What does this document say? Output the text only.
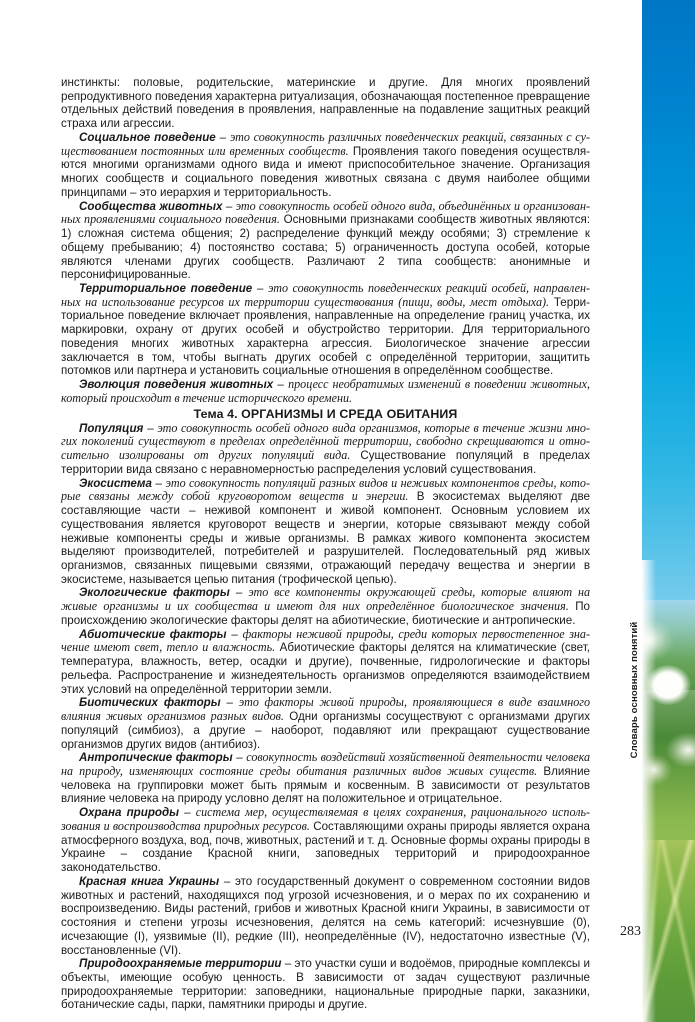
Словарь основных понятий
283

инстинкты: половые, родительские, материнские и другие. Для многих проявлений репродуктивного поведения характерна ритуализация, обозначающая постепенное превращение отдельных действий поведения в проявления, направленные на подавление защитных реакций страха или агрессии.

Социальное поведение – это совокупность различных поведенческих реакций, связанных с существованием постоянных или временных сообществ. Проявления такого поведения осуществляются многими организмами одного вида и имеют приспособительное значение. Организация многих сообществ и социального поведения животных связана с двумя наиболее общими принципами – это иерархия и территориальность.

Сообщества животных – это совокупность особей одного вида, объединённых и организованных проявлениями социального поведения. Основными признаками сообществ животных являются: 1) сложная система общения; 2) распределение функций между особями; 3) стремление к общему пребыванию; 4) постоянство состава; 5) ограниченность доступа особей, которые являются членами других сообществ. Различают 2 типа сообществ: анонимные и персонифицированные.

Территориальное поведение – это совокупность поведенческих реакций особей, направленных на использование ресурсов их территории существования (пищи, воды, мест отдыха). Территориальное поведение включает проявления, направленные на определение границ участка, их маркировки, охрану от других особей и обустройство территории. Для территориального поведения многих животных характерна агрессия. Биологическое значение агрессии заключается в том, чтобы выгнать других особей с определённой территории, защитить потомков или партнера и установить социальные отношения в определённом сообществе.

Эволюция поведения животных – процесс необратимых изменений в поведении животных, который происходит в течение исторического времени.

Тема 4. ОРГАНИЗМЫ И СРЕДА ОБИТАНИЯ

Популяция – это совокупность особей одного вида организмов, которые в течение жизни многих поколений существуют в пределах определённой территории, свободно скрещиваются и относительно изолированы от других популяций вида. Существование популяций в пределах территории вида связано с неравномерностью распределения условий существования.

Экосистема – это совокупность популяций разных видов и неживых компонентов среды, которые связаны между собой круговоротом веществ и энергии. В экосистемах выделяют две составляющие части – неживой компонент и живой компонент. Основным условием их существования является круговорот веществ и энергии, которые связывают между собой неживые компоненты среды и живые организмы. В рамках живого компонента экосистем выделяют производителей, потребителей и разрушителей. Последовательный ряд живых организмов, связанных пищевыми связями, отражающий передачу вещества и энергии в экосистеме, называется цепью питания (трофической цепью).

Экологические факторы – это все компоненты окружающей среды, которые влияют на живые организмы и их сообщества и имеют для них определённое биологическое значения. По происхождению экологические факторы делят на абиотические, биотические и антропические.

Абиотические факторы – факторы неживой природы, среди которых первостепенное значение имеют свет, тепло и влажность. Абиотические факторы делятся на климатические (свет, температура, влажность, ветер, осадки и другие), почвенные, гидрологические и факторы рельефа. Распространение и жизнедеятельность организмов определяются взаимодействием этих условий на определённой территории земли.

Биотических факторы – это факторы живой природы, проявляющиеся в виде взаимного влияния живых организмов разных видов. Одни организмы сосуществуют с организмами других популяций (симбиоз), а другие – наоборот, подавляют или прекращают существование организмов других видов (антибиоз).

Антропические факторы – совокупность воздействий хозяйственной деятельности человека на природу, изменяющих состояние среды обитания различных видов живых существ. Влияние человека на группировки может быть прямым и косвенным. В зависимости от результатов влияние человека на природу условно делят на положительное и отрицательное.

Охрана природы – система мер, осуществляемая в целях сохранения, рационального использования и воспроизводства природных ресурсов. Составляющими охраны природы является охрана атмосферного воздуха, вод, почв, животных, растений и т. д. Основные формы охраны природы в Украине – создание Красной книги, заповедных территорий и природоохранное законодательство.

Красная книга Украины – это государственный документ о современном состоянии видов животных и растений, находящихся под угрозой исчезновения, и о мерах по их сохранению и воспроизведению. Виды растений, грибов и животных Красной книги Украины, в зависимости от состояния и степени угрозы исчезновения, делятся на семь категорий: исчезнувшие (0), исчезающие (I), уязвимые (II), редкие (III), неопределённые (IV), недостаточно известные (V), восстановленные (VI).

Природоохраняемые территории – это участки суши и водоёмов, природные комплексы и объекты, имеющие особую ценность. В зависимости от задач существуют различные природоохраняемые территории: заповедники, национальные природные парки, заказники, ботанические сады, парки, памятники природы и другие.
